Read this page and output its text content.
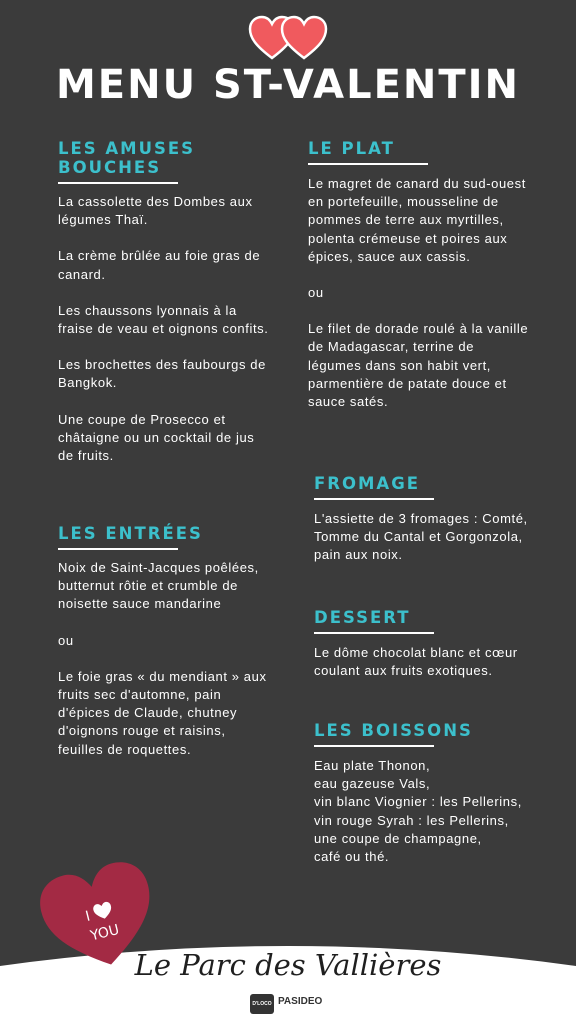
MENU ST-VALENTIN
LES AMUSES
BOUCHES

La cassolette des Dombes aux légumes Thaï.

La crème brûlée au foie gras de canard.

Les chaussons lyonnais à la fraise de veau et oignons confits.

Les brochettes des faubourgs de Bangkok.

Une coupe de Prosecco et châtaigne ou un cocktail de jus de fruits.

LES ENTRÉES

Noix de Saint-Jacques poêlées, butternut rôtie et crumble de noisette sauce mandarine

ou

Le foie gras « du mendiant » aux fruits sec d'automne, pain d'épices de Claude, chutney d'oignons rouge et raisins, feuilles de roquettes.

LE PLAT

Le magret de canard du sud-ouest en portefeuille, mousseline de pommes de terre aux myrtilles, polenta crémeuse et poires aux épices, sauce aux cassis.

ou

Le filet de dorade roulé à la vanille de Madagascar, terrine de légumes dans son habit vert, parmentière de patate douce et sauce satés.

FROMAGE

L'assiette de 3 fromages : Comté, Tomme du Cantal et Gorgonzola, pain aux noix.

DESSERT

Le dôme chocolat blanc et cœur coulant aux fruits exotiques.

LES BOISSONS

Eau plate Thonon,
eau gazeuse Vals,
vin blanc Viognier : les Pellerins,
vin rouge Syrah : les Pellerins,
une coupe de champagne,
café ou thé.

I
YOU
Le Parc des Vallières
D'LOCO PASIDEO
